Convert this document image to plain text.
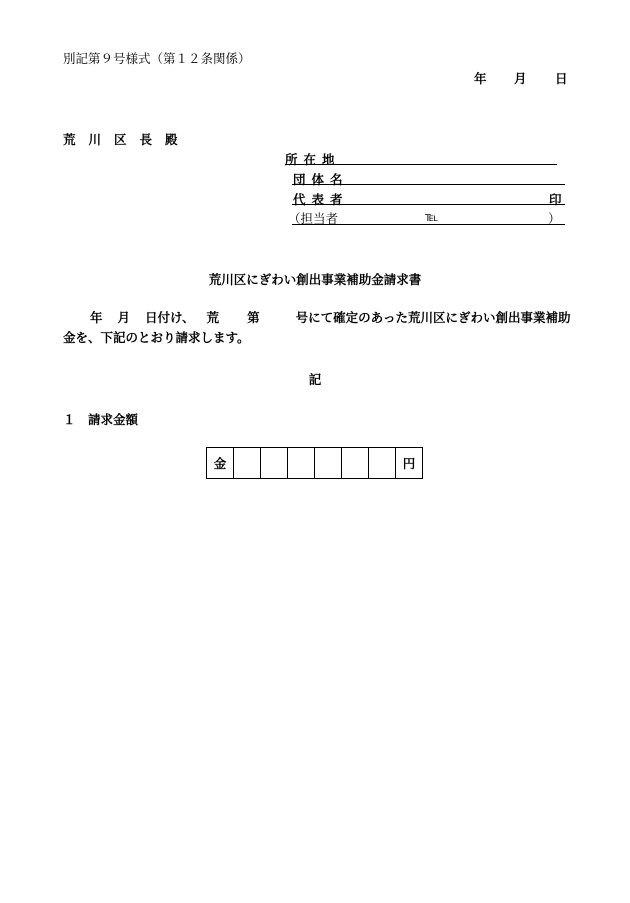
別記第９号様式（第１２条関係）
年 月 日
荒川区長殿
所在地
団体名
代表者	印
（担当者	℡	）
荒川区にぎわい創出事業補助金請求書
年 月 日付け、 荒 第	号にて確定のあった荒川区にぎわい創出事業補助金を、下記のとおり請求します。
記
１　請求金額
金							円
